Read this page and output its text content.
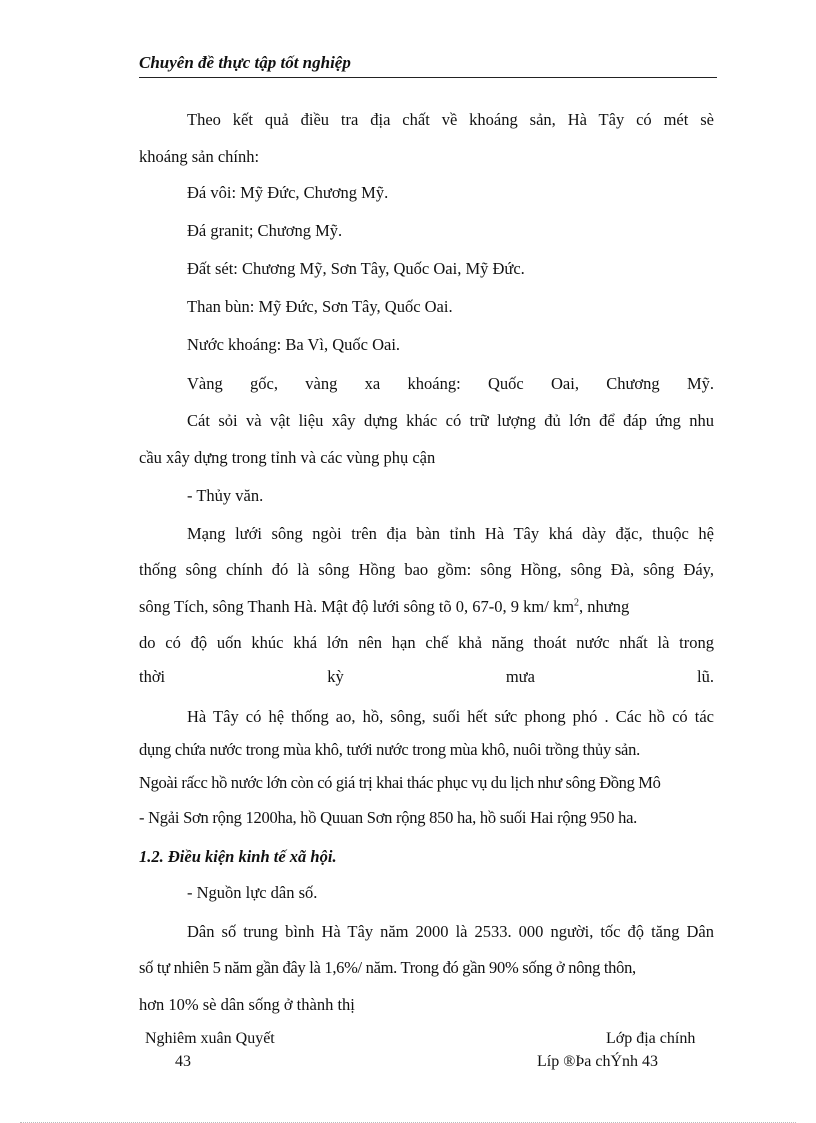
Chuyên đề thực tập tốt nghiệp
Theo kết quả điều tra địa chất về khoáng sản, Hà Tây có mét sè
khoáng sản chính:
Đá vôi: Mỹ Đức, Chương Mỹ.
Đá granit; Chương Mỹ.
Đất sét: Chương Mỹ, Sơn Tây, Quốc Oai, Mỹ Đức.
Than bùn: Mỹ Đức, Sơn Tây, Quốc Oai.
Nước khoáng: Ba Vì, Quốc Oai.
Vàng gốc, vàng xa khoáng: Quốc Oai, Chương Mỹ.
Cát sỏi và vật liệu xây dựng khác có trữ lượng đủ lớn để đáp ứng nhu
cầu xây dựng trong tỉnh và các vùng phụ cận
- Thủy văn.
Mạng lưới sông ngòi trên địa bàn tỉnh Hà Tây khá dày đặc, thuộc hệ
thống sông chính đó là sông Hồng bao gồm: sông Hồng, sông Đà, sông Đáy,
sông Tích, sông Thanh Hà. Mật độ lưới sông tõ 0, 67-0, 9 km/ $km^2$, nhưng
do có độ uốn khúc khá lớn nên hạn chế khả năng thoát nước nhất là trong
thời kỳ mưa lũ.
Hà Tây có hệ thống ao, hồ, sông, suối hết sức phong phó . Các hồ có tác
dụng chứa nước trong mùa khô, tưới nước trong mùa khô, nuôi trồng thủy sản.
Ngoài rấcc hồ nước lớn còn có giá trị khai thác phục vụ du lịch như sông Đồng Mô
- Ngải Sơn rộng 1200ha, hồ Quuan Sơn rộng 850 ha, hồ suối Hai rộng 950 ha.
1.2. Điều kiện kinh tế xã hội.
- Nguồn lực dân số.
Dân số trung bình Hà Tây năm 2000 là 2533. 000 người, tốc độ tăng Dân
số tự nhiên 5 năm gần đây là 1,6%/ năm. Trong đó gần 90% sống ở nông thôn,
hơn 10% sè dân sống ở thành thị
Nghiêm xuân Quyết	Lớp địa chính
43	Líp ®Þa chÝnh 43
